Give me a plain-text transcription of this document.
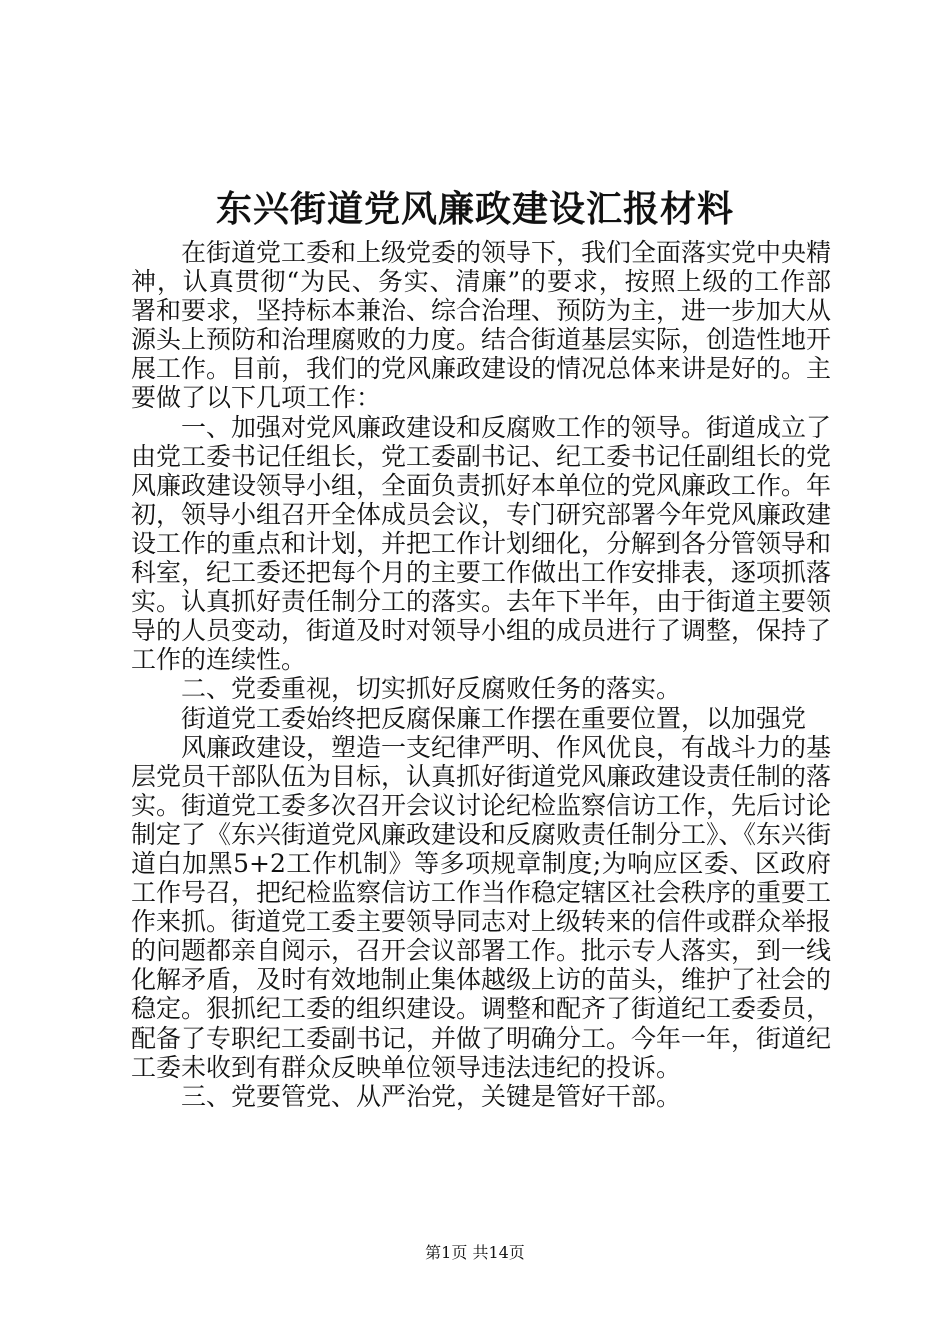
东兴街道党风廉政建设汇报材料

在街道党工委和上级党委的领导下，我们全面落实党中央精神，认真贯彻“为民、务实、清廉”的要求，按照上级的工作部署和要求，坚持标本兼治、综合治理、预防为主，进一步加大从源头上预防和治理腐败的力度。结合街道基层实际，创造性地开展工作。目前，我们的党风廉政建设的情况总体来讲是好的。主要做了以下几项工作：

一、加强对党风廉政建设和反腐败工作的领导。街道成立了由党工委书记任组长，党工委副书记、纪工委书记任副组长的党风廉政建设领导小组，全面负责抓好本单位的党风廉政工作。年初，领导小组召开全体成员会议，专门研究部署今年党风廉政建设工作的重点和计划，并把工作计划细化，分解到各分管领导和科室，纪工委还把每个月的主要工作做出工作安排表，逐项抓落实。认真抓好责任制分工的落实。去年下半年，由于街道主要领导的人员变动，街道及时对领导小组的成员进行了调整，保持了工作的连续性。

二、党委重视，切实抓好反腐败任务的落实。

街道党工委始终把反腐保廉工作摆在重要位置，以加强党

风廉政建设，塑造一支纪律严明、作风优良，有战斗力的基层党员干部队伍为目标，认真抓好街道党风廉政建设责任制的落实。街道党工委多次召开会议讨论纪检监察信访工作，先后讨论制定了《东兴街道党风廉政建设和反腐败责任制分工》、《东兴街道白加黑5+2工作机制》等多项规章制度;为响应区委、区政府工作号召，把纪检监察信访工作当作稳定辖区社会秩序的重要工作来抓。街道党工委主要领导同志对上级转来的信件或群众举报的问题都亲自阅示，召开会议部署工作。批示专人落实，到一线化解矛盾，及时有效地制止集体越级上访的苗头，维护了社会的稳定。狠抓纪工委的组织建设。调整和配齐了街道纪工委委员，配备了专职纪工委副书记，并做了明确分工。今年一年，街道纪工委未收到有群众反映单位领导违法违纪的投诉。

三、党要管党、从严治党，关键是管好干部。

第1页 共14页
